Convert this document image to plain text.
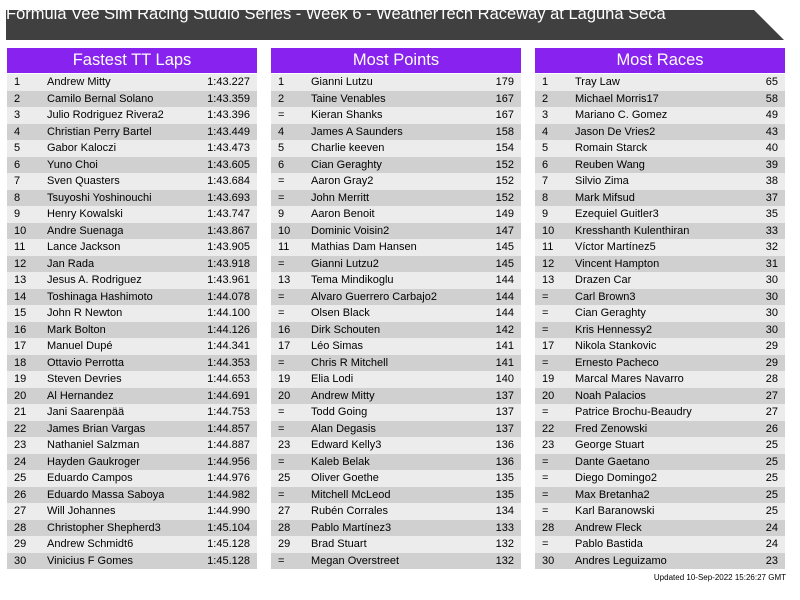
Formula Vee Sim Racing Studio Series - Week 6 - WeatherTech Raceway at Laguna Seca
Fastest TT Laps
1 Andrew Mitty	1:43.227
2 Camilo Bernal Solano	1:43.359
3 Julio Rodriguez Rivera2	1:43.396
4 Christian Perry Bartel	1:43.449
5 Gabor Kaloczi	1:43.473
6 Yuno Choi	1:43.605
7 Sven Quasters	1:43.684
8 Tsuyoshi Yoshinouchi	1:43.693
9 Henry Kowalski	1:43.747
10 Andre Suenaga	1:43.867
11 Lance Jackson	1:43.905
12 Jan Rada	1:43.918
13 Jesus A. Rodriguez	1:43.961
14 Toshinaga Hashimoto	1:44.078
15 John R Newton	1:44.100
16 Mark Bolton	1:44.126
17 Manuel Dupé	1:44.341
18 Ottavio Perrotta	1:44.353
19 Steven Devries	1:44.653
20 Al Hernandez	1:44.691
21 Jani Saarenpää	1:44.753
22 James Brian Vargas	1:44.857
23 Nathaniel Salzman	1:44.887
24 Hayden Gaukroger	1:44.956
25 Eduardo Campos	1:44.976
26 Eduardo Massa Saboya	1:44.982
27 Will Johannes	1:44.990
28 Christopher Shepherd3	1:45.104
29 Andrew Schmidt6	1:45.128
30 Vinicius F Gomes	1:45.128
Most Points
1 Gianni Lutzu	179
2 Taine Venables	167
= Kieran Shanks	167
4 James A Saunders	158
5 Charlie keeven	154
6 Cian Geraghty	152
= Aaron Gray2	152
= John Merritt	152
9 Aaron Benoit	149
10 Dominic Voisin2	147
11 Mathias Dam Hansen	145
= Gianni Lutzu2	145
13 Tema Mindikoglu	144
= Alvaro Guerrero Carbajo2	144
= Olsen Black	144
16 Dirk Schouten	142
17 Léo Simas	141
= Chris R Mitchell	141
19 Elia Lodi	140
20 Andrew Mitty	137
= Todd Going	137
= Alan Degasis	137
23 Edward Kelly3	136
= Kaleb Belak	136
25 Oliver Goethe	135
= Mitchell McLeod	135
27 Rubén Corrales	134
28 Pablo Martínez3	133
29 Brad Stuart	132
= Megan Overstreet	132
Most Races
1 Tray Law	65
2 Michael Morris17	58
3 Mariano C. Gomez	49
4 Jason De Vries2	43
5 Romain Starck	40
6 Reuben Wang	39
7 Silvio Zima	38
8 Mark Mifsud	37
9 Ezequiel Guitler3	35
10 Kresshanth Kulenthiran	33
11 Víctor Martínez5	32
12 Vincent Hampton	31
13 Drazen Car	30
= Carl Brown3	30
= Cian Geraghty	30
= Kris Hennessy2	30
17 Nikola Stankovic	29
= Ernesto Pacheco	29
19 Marcal Mares Navarro	28
20 Noah Palacios	27
= Patrice Brochu-Beaudry	27
22 Fred Zenowski	26
23 George Stuart	25
= Dante Gaetano	25
= Diego Domingo2	25
= Max Bretanha2	25
= Karl Baranowski	25
28 Andrew Fleck	24
= Pablo Bastida	24
30 Andres Leguizamo	23
Updated 10-Sep-2022 15:26:27 GMT
